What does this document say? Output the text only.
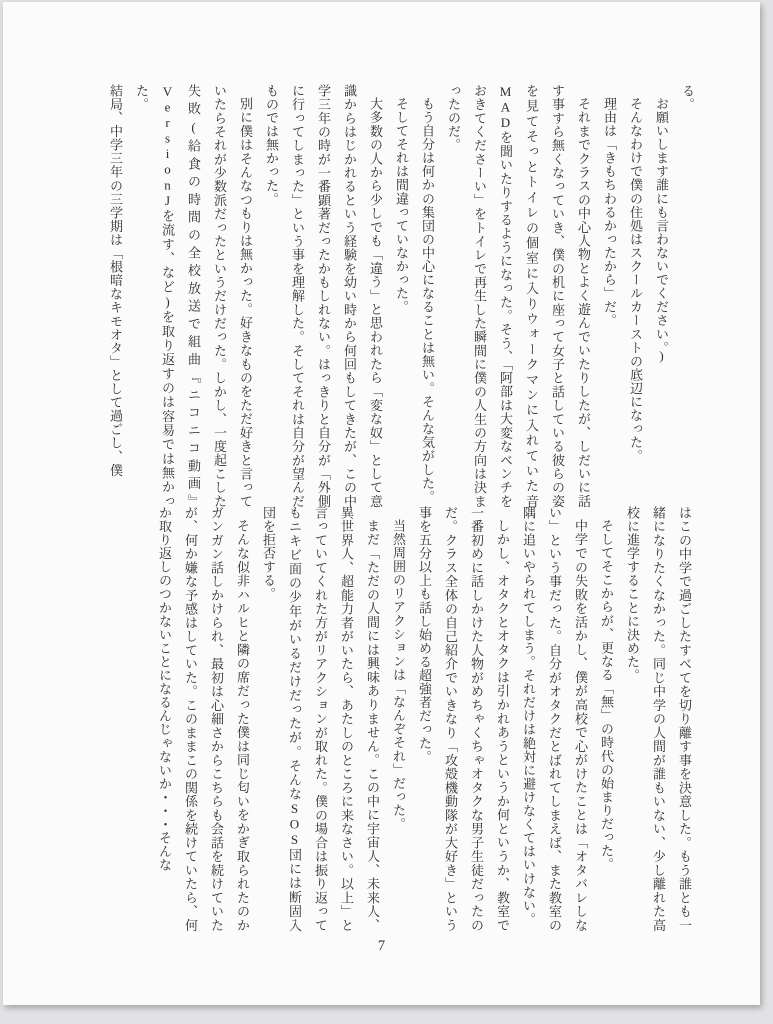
る。

お願いします誰にも言わないでください。)

そんなわけで僕の住処はスクールカーストの底辺になった。

理由は「きもちわるかったから」だ。

それまでクラスの中心人物とよく遊んでいたりしたが、しだいに話す事すら無くなっていき、僕の机に座って女子と話している彼らの姿を見てそっとトイレの個室に入りウォークマンに入れていた音MADを聞いたりするようになった。そう、「阿部は大変なベンチをおきてくださーい」をトイレで再生した瞬間に僕の人生の方向は決まったのだ。

もう自分は何かの集団の中心になることは無い。そんな気がした。

そしてそれは間違っていなかった。

大多数の人から少しでも「違う」と思われたら「変な奴」として意識からはじかれるという経験を幼い時から何回もしてきたが、この中学三年の時が一番顕著だったかもしれない。はっきりと自分が「外側に行ってしまった」という事を理解した。そしてそれは自分が望んだものでは無かった。

別に僕はそんなつもりは無かった。好きなものをただ好きと言っていたらそれが少数派だったというだけだった。しかし、一度起こした失敗(給食の時間の全校放送で組曲『ニコニコ動画』VersionJを流す、など)を取り返すのは容易では無かった。

結局、中学三年の三学期は「根暗なキモオタ」として過ごし、僕

はこの中学で過ごしたすべてを切り離す事を決意した。もう誰とも一緒になりたくなかった。同じ中学の人間が誰もいない、少し離れた高校に進学することに決めた。

そしてそこからが、更なる「無」の時代の始まりだった。

中学での失敗を活かし、僕が高校で心がけたことは「オタバレしない」という事だった。自分がオタクだとばれてしまえば、また教室の隅に追いやられてしまう。それだけは絶対に避けなくてはいけない。

しかし、オタクとオタクは引かれあうというか何というか、教室で一番初めに話しかけた人物がめちゃくちゃオタクな男子生徒だったのだ。クラス全体の自己紹介でいきなり「攻殻機動隊が大好き」という事を五分以上も話し始める超強者だった。

当然周囲のリアクションは「なんぞそれ」だった。

まだ「ただの人間には興味ありません。この中に宇宙人、未来人、異世界人、超能力者がいたら、あたしのところに来なさい。以上」と言っていてくれた方がリアクションが取れた。僕の場合は振り返ってもニキビ面の少年がいるだけだったが。そんなSOS団には断固入団を拒否する。

そんな似非ハルヒと隣の席だった僕は同じ匂いをかぎ取られたのかガンガン話しかけられ、最初は心細さからこちらも会話を続けていたが、何か嫌な予感はしていた。このままこの関係を続けていたら、何か取り返しのつかないことになるんじゃないか・・・そんな

7
